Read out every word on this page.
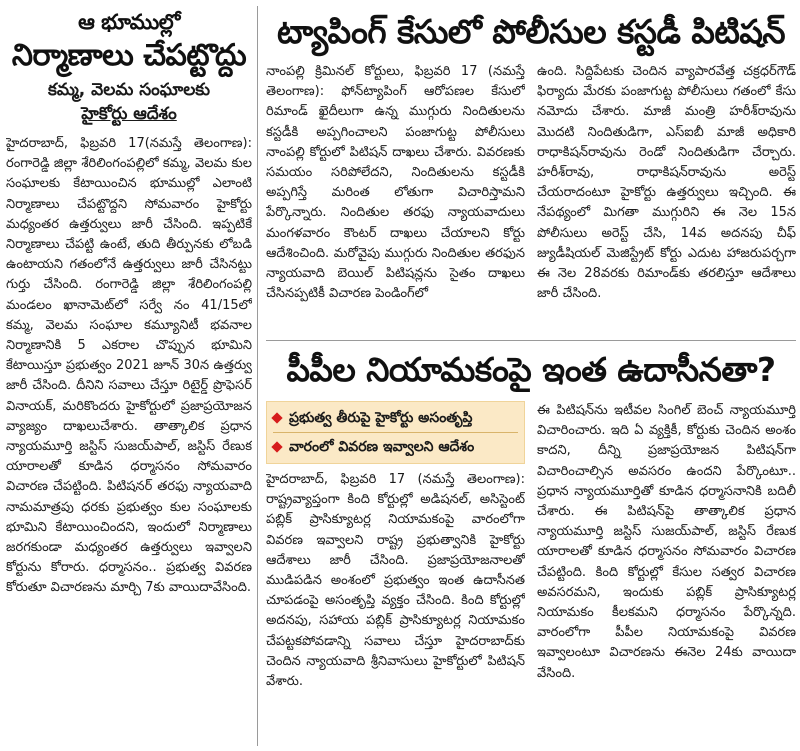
ఆ భూముల్లో
నిర్మాణాలు చేపట్టొద్దు

కమ్మ, వెలమ సంఘాలకు

హైకోర్టు ఆదేశం

హైదరాబాద్, ఫిబ్రవరి 17(నమస్తే తెలంగాణ): రంగారెడ్డి జిల్లా శేరిలింగంపల్లిలో కమ్మ, వెలమ కుల సంఘాలకు కేటాయించిన భూముల్లో ఎలాంటి నిర్మాణాలు చేపట్టొద్దని సోమవారం హైకోర్టు మధ్యంతర ఉత్తర్వులు జారీ చేసింది. ఇప్పటికే నిర్మాణాలు చేపట్టి ఉంటే, తుది తీర్పునకు లోబడి ఉంటాయని గతంలోనే ఉత్తర్వులు జారీ చేసినట్టు గుర్తు చేసింది. రంగారెడ్డి జిల్లా శేరిలింగంపల్లి మండలం ఖానామెట్‌లో సర్వే నం 41/15లో కమ్మ, వెలమ సంఘాల కమ్యూనిటీ భవనాల నిర్మాణానికి 5 ఎకరాల చొప్పున భూమిని కేటాయిస్తూ ప్రభుత్వం 2021 జూన్ 30న ఉత్తర్వు జారీ చేసింది. దీనిని సవాలు చేస్తూ రిటైర్డ్ ప్రొఫెసర్ వినాయక్, మరికొందరు హైకోర్టులో ప్రజాప్రయోజన వ్యాజ్యం దాఖలుచేశారు. తాత్కాలిక ప్రధాన న్యాయమూర్తి జస్టిస్ సుజయ్‌పాల్, జస్టిస్ రేణుక యారాలతో కూడిన ధర్మాసనం సోమవారం విచారణ చేపట్టింది. పిటిషనర్ తరఫు న్యాయవాది నామమాత్రపు ధరకు ప్రభుత్వం కుల సంఘాలకు భూమిని కేటాయించిందని, ఇందులో నిర్మాణాలు జరగకుండా మధ్యంతర ఉత్తర్వులు ఇవ్వాలని కోర్టును కోరారు. ధర్మాసనం.. ప్రభుత్వ వివరణ కోరుతూ విచారణను మార్చి 7కు వాయిదావేసింది.

ట్యాపింగ్ కేసులో పోలీసుల కస్టడీ పిటిషన్

నాంపల్లి క్రిమినల్ కోర్టులు, ఫిబ్రవరి 17 (నమస్తే తెలంగాణ): ఫోన్‌ట్యాపింగ్ ఆరోపణల కేసులో రిమాండ్ ఖైదీలుగా ఉన్న ముగ్గురు నిందితులను కస్టడీకి అప్పగించాలని పంజాగుట్ట పోలీసులు నాంపల్లి కోర్టులో పిటిషన్ దాఖలు చేశారు. వివరణకు సమయం సరిపోలేదని, నిందితులను కస్టడీకి అప్పగిస్తే మరింత లోతుగా విచారిస్తామని పేర్కొన్నారు. నిందితుల తరఫు న్యాయవాదులు మంగళవారం కౌంటర్ దాఖలు చేయాలని కోర్టు ఆదేశించింది. మరోవైపు ముగ్గురు నిందితుల తరఫున న్యాయవాది బెయిల్ పిటిషన్లను సైతం దాఖలు చేసినప్పటికీ విచారణ పెండింగ్‌లో

ఉంది. సిద్దిపేటకు చెందిన వ్యాపారవేత్త చక్రధర్‌గౌడ్ ఫిర్యాదు మేరకు పంజాగుట్ట పోలీసులు గతంలో కేసు నమోదు చేశారు. మాజీ మంత్రి హరీశ్‌రావును మొదటి నిందితుడిగా, ఎస్ఐబీ మాజీ అధికారి రాధాకిషన్‌రావును రెండో నిందితుడిగా చేర్చారు. హరీశ్‌రావు, రాధాకిషన్‌రావును అరెస్ట్ చేయరాదంటూ హైకోర్టు ఉత్తర్వులు ఇచ్చింది. ఈ నేపథ్యంలో మిగతా ముగ్గురిని ఈ నెల 15న పోలీసులు అరెస్ట్ చేసి, 14వ అదనపు చీఫ్ జ్యుడీషియల్ మెజిస్ట్రేట్ కోర్టు ఎదుట హాజరుపర్చగా ఈ నెల 28వరకు రిమాండ్‌కు తరలిస్తూ ఆదేశాలు జారీ చేసింది.

పీపీల నియామకంపై ఇంత ఉదాసీనతా?
ప్రభుత్వ తీరుపై హైకోర్టు అసంతృప్తి
వారంలో వివరణ ఇవ్వాలని ఆదేశం

హైదరాబాద్, ఫిబ్రవరి 17 (నమస్తే తెలంగాణ): రాష్ట్రవ్యాప్తంగా కింది కోర్టుల్లో అడిషనల్, అసిస్టెంట్ పబ్లిక్ ప్రాసిక్యూటర్ల నియామకంపై వారంలోగా వివరణ ఇవ్వాలని రాష్ట్ర ప్రభుత్వానికి హైకోర్టు ఆదేశాలు జారీ చేసింది. ప్రజాప్రయోజనాలతో ముడిపడిన అంశంలో ప్రభుత్వం ఇంత ఉదాసీనత చూపడంపై అసంతృప్తి వ్యక్తం చేసింది. కింది కోర్టుల్లో అదనపు, సహాయ పబ్లిక్ ప్రాసిక్యూటర్ల నియామకం చేపట్టకపోవడాన్ని సవాలు చేస్తూ హైదరాబాద్‌కు చెందిన న్యాయవాది శ్రీనివాసులు హైకోర్టులో పిటిషన్ వేశారు.

ఈ పిటిషన్‌ను ఇటీవల సింగిల్ బెంచ్ న్యాయమూర్తి విచారించారు. ఇది ఏ వ్యక్తికీ, కోర్టుకు చెందిన అంశం కాదని, దీన్ని ప్రజాప్రయోజన పిటిషన్‌గా విచారించాల్సిన అవసరం ఉందని పేర్కొంటూ.. ప్రధాన న్యాయమూర్తితో కూడిన ధర్మాసనానికి బదిలీ చేశారు. ఈ పిటిషన్‌పై తాత్కాలిక ప్రధాన న్యాయమూర్తి జస్టిస్ సుజయ్‌పాల్, జస్టిస్ రేణుక యారాలతో కూడిన ధర్మాసనం సోమవారం విచారణ చేపట్టింది. కింది కోర్టుల్లో కేసుల సత్వర విచారణ అవసరమని, ఇందుకు పబ్లిక్ ప్రాసిక్యూటర్ల నియామకం కీలకమని ధర్మాసనం పేర్కొన్నది. వారంలోగా పీపీల నియామకంపై వివరణ ఇవ్వాలంటూ విచారణను ఈనెల 24కు వాయిదా వేసింది.
